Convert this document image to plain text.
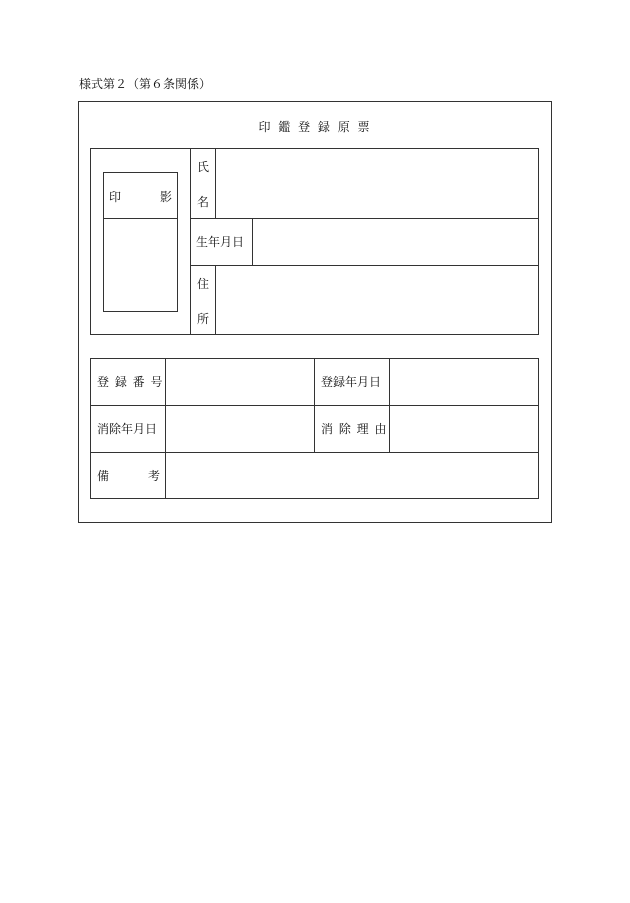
様式第２（第６条関係）
印 鑑 登 録 原 票
印	影
氏
名
生年月日
住
所
登 録 番 号	登録年月日
消除年月日	消 除 理 由
備	考
